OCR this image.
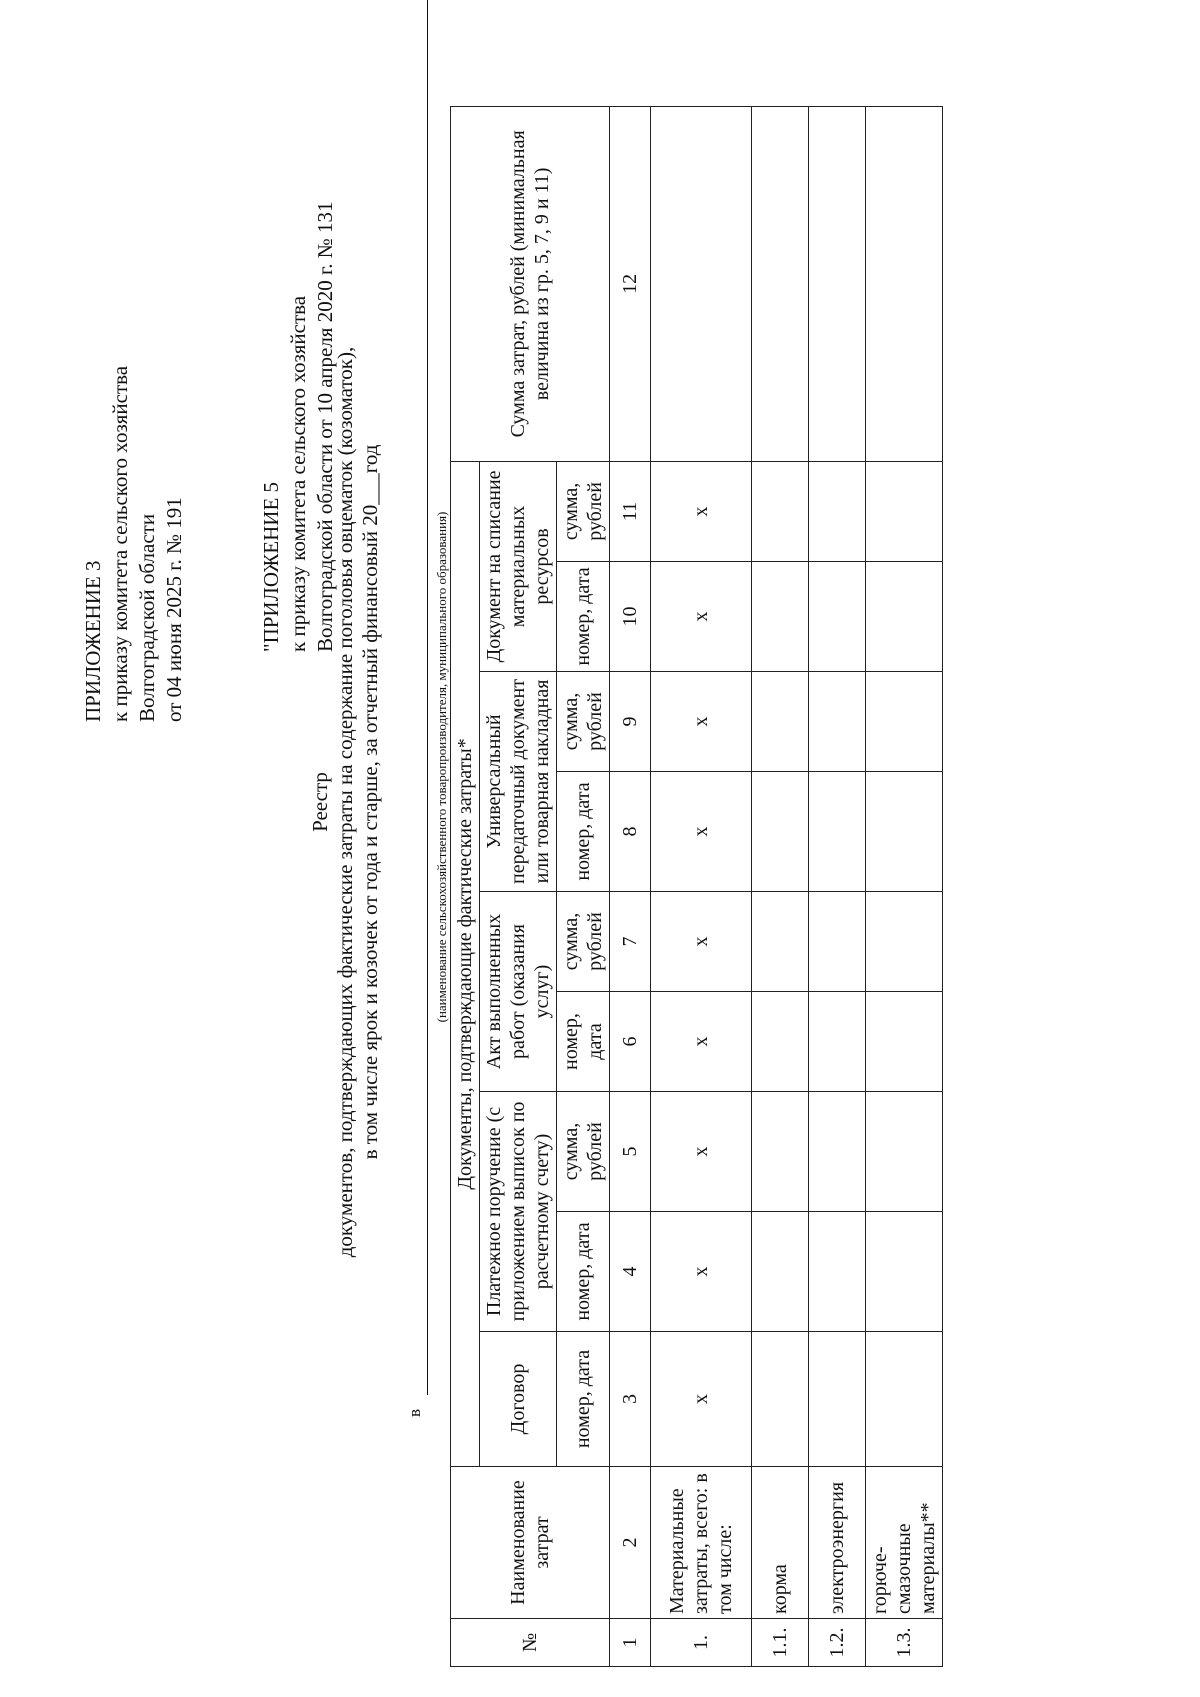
ПРИЛОЖЕНИЕ 3 к приказу комитета сельского хозяйства Волгоградской области от 04 июня 2025 г. № 191	"ПРИЛОЖЕНИЕ 5 к приказу комитета сельского хозяйства Волгоградской области от 10 апреля 2020 г. № 131
Реестр документов, подтверждающих фактические затраты на содержание поголовья овцематок (козоматок), в том числе ярок и козочек от года и старше, за отчетный финансовый 20___год
в
(наименование сельскохозяйственного товаропроизводителя, муниципального образования)
№	Наименование затрат	Документы, подтверждающие фактические затраты*									Сумма затрат, рублей (минимальная величина из гр. 5, 7, 9 и 11)
		Договор	Платежное поручение (с приложением выписок по расчетному счету)		Акт выполненных работ (оказания услуг)		Универсальный передаточный документ или товарная накладная		Документ на списание материальных ресурсов		
		номер, дата	номер, дата	сумма, рублей	номер, дата	сумма, рублей	номер, дата	сумма, рублей	номер, дата	сумма, рублей	
1	2	3	4	5	6	7	8	9	10	11	12
1.	Материальные затраты, всего: в том числе:	х	х	х	х	х	х	х	х	х	
1.1.	корма										
1.2.	электроэнергия										
1.3.	горюче-смазочные материалы**										
